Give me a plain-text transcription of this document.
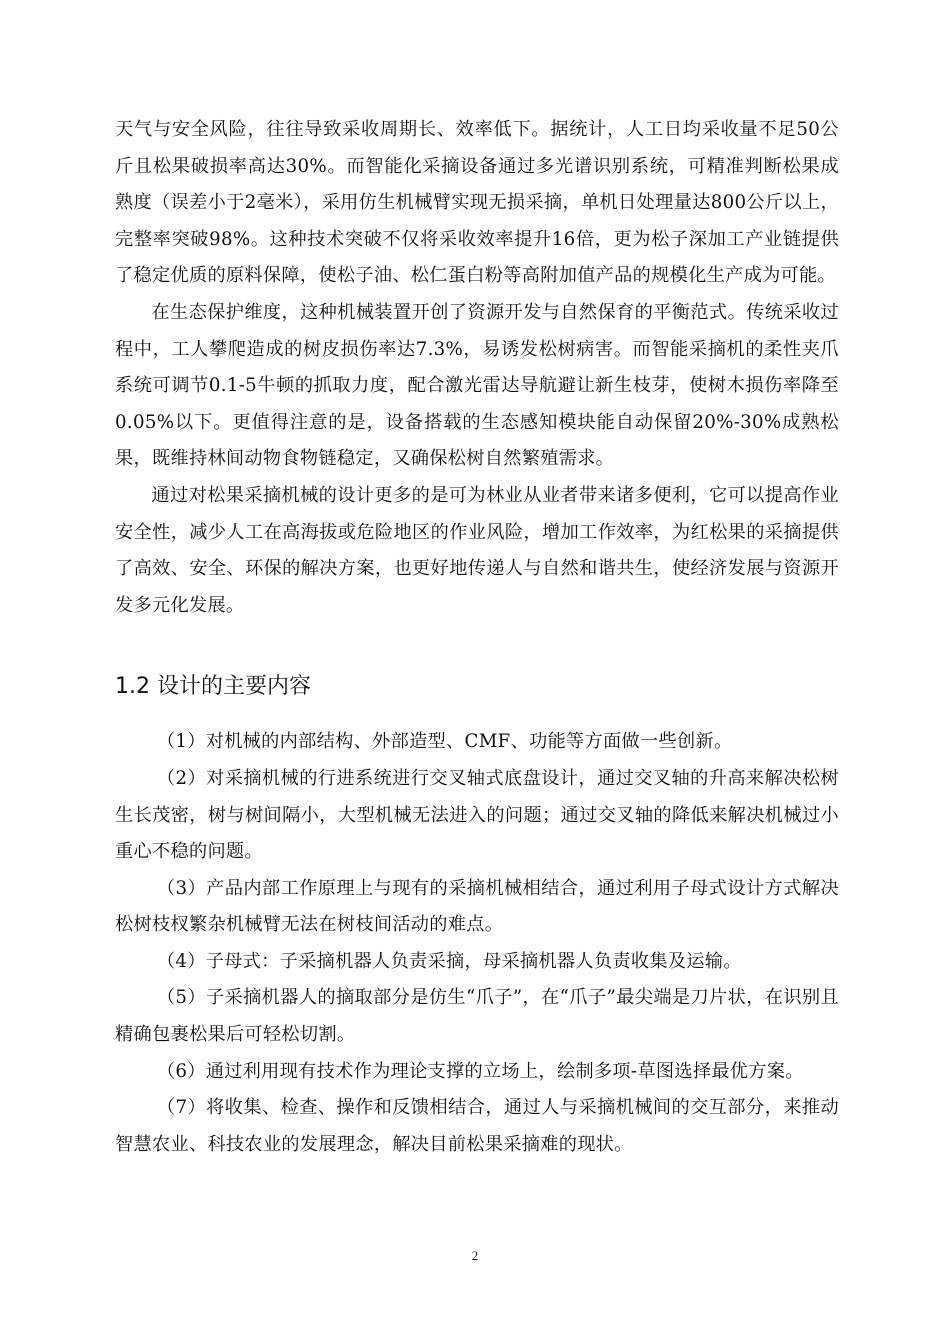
天气与安全风险，往往导致采收周期长、效率低下。据统计，人工日均采收量不足50公斤且松果破损率高达30%。而智能化采摘设备通过多光谱识别系统，可精准判断松果成熟度（误差小于2毫米），采用仿生机械臂实现无损采摘，单机日处理量达800公斤以上，完整率突破98%。这种技术突破不仅将采收效率提升16倍，更为松子深加工产业链提供了稳定优质的原料保障，使松子油、松仁蛋白粉等高附加值产品的规模化生产成为可能。

在生态保护维度，这种机械装置开创了资源开发与自然保育的平衡范式。传统采收过程中，工人攀爬造成的树皮损伤率达7.3%，易诱发松树病害。而智能采摘机的柔性夹爪系统可调节0.1-5牛顿的抓取力度，配合激光雷达导航避让新生枝芽，使树木损伤率降至0.05%以下。更值得注意的是，设备搭载的生态感知模块能自动保留20%-30%成熟松果，既维持林间动物食物链稳定，又确保松树自然繁殖需求。

通过对松果采摘机械的设计更多的是可为林业从业者带来诸多便利，它可以提高作业安全性，减少人工在高海拔或危险地区的作业风险，增加工作效率，为红松果的采摘提供了高效、安全、环保的解决方案，也更好地传递人与自然和谐共生，使经济发展与资源开发多元化发展。

1.2 设计的主要内容

（1）对机械的内部结构、外部造型、CMF、功能等方面做一些创新。

（2）对采摘机械的行进系统进行交叉轴式底盘设计，通过交叉轴的升高来解决松树生长茂密，树与树间隔小，大型机械无法进入的问题；通过交叉轴的降低来解决机械过小重心不稳的问题。

（3）产品内部工作原理上与现有的采摘机械相结合，通过利用子母式设计方式解决松树枝杈繁杂机械臂无法在树枝间活动的难点。

（4）子母式：子采摘机器人负责采摘，母采摘机器人负责收集及运输。

（5）子采摘机器人的摘取部分是仿生“爪子”，在“爪子”最尖端是刀片状，在识别且精确包裹松果后可轻松切割。

（6）通过利用现有技术作为理论支撑的立场上，绘制多项-草图选择最优方案。

（7）将收集、检查、操作和反馈相结合，通过人与采摘机械间的交互部分，来推动智慧农业、科技农业的发展理念，解决目前松果采摘难的现状。

2
